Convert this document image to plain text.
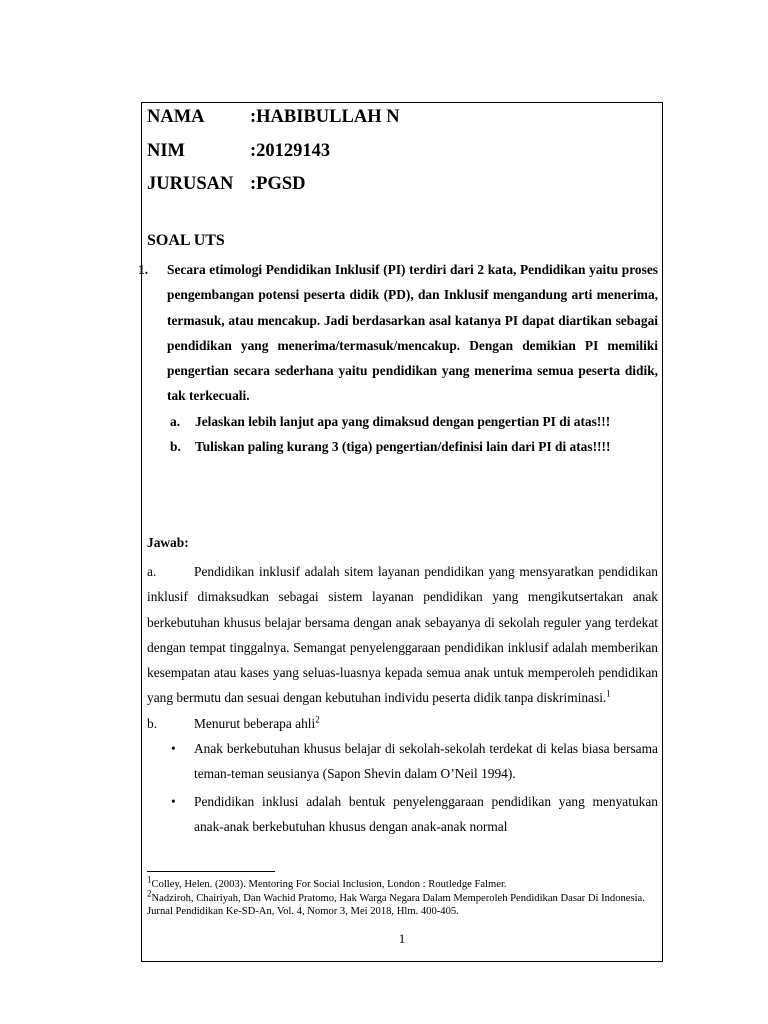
NAMA :HABIBULLAH N
NIM	:20129143
JURUSAN :PGSD
SOAL UTS
1. Secara etimologi Pendidikan Inklusif (PI) terdiri dari 2 kata, Pendidikan yaitu proses pengembangan potensi peserta didik (PD), dan Inklusif mengandung arti menerima, termasuk, atau mencakup. Jadi berdasarkan asal katanya PI dapat diartikan sebagai pendidikan yang menerima/termasuk/mencakup. Dengan demikian PI memiliki pengertian secara sederhana yaitu pendidikan yang menerima semua peserta didik, tak terkecuali.
a. Jelaskan lebih lanjut apa yang dimaksud dengan pengertian PI di atas!!!
b. Tuliskan paling kurang 3 (tiga) pengertian/definisi lain dari PI di atas!!!!
Jawab:

a.	Pendidikan inklusif adalah sitem layanan pendidikan yang mensyaratkan pendidikan inklusif dimaksudkan sebagai sistem layanan pendidikan yang mengikutsertakan anak berkebutuhan khusus belajar bersama dengan anak sebayanya di sekolah reguler yang terdekat dengan tempat tinggalnya. Semangat penyelenggaraan pendidikan inklusif adalah memberikan kesempatan atau kases yang seluas-luasnya kepada semua anak untuk memperoleh pendidikan yang bermutu dan sesuai dengan kebutuhan individu peserta didik tanpa diskriminasi.$^1$

b.	Menurut beberapa ahli$^2$

• Anak berkebutuhan khusus belajar di sekolah-sekolah terdekat di kelas biasa bersama teman-teman seusianya (Sapon Shevin dalam O’Neil 1994).
• Pendidikan inklusi adalah bentuk penyelenggaraan pendidikan yang menyatukan anak-anak berkebutuhan khusus dengan anak-anak normal
$^1$Colley, Helen. (2003). Mentoring For Social Inclusion, London : Routledge Falmer.
$^2$Nadziroh, Chairiyah, Dan Wachid Pratomo, Hak Warga Negara Dalam Memperoleh Pendidikan Dasar Di Indonesia. Jurnal Pendidikan Ke-SD-An, Vol. 4, Nomor 3, Mei 2018, Hlm. 400-405.
1
